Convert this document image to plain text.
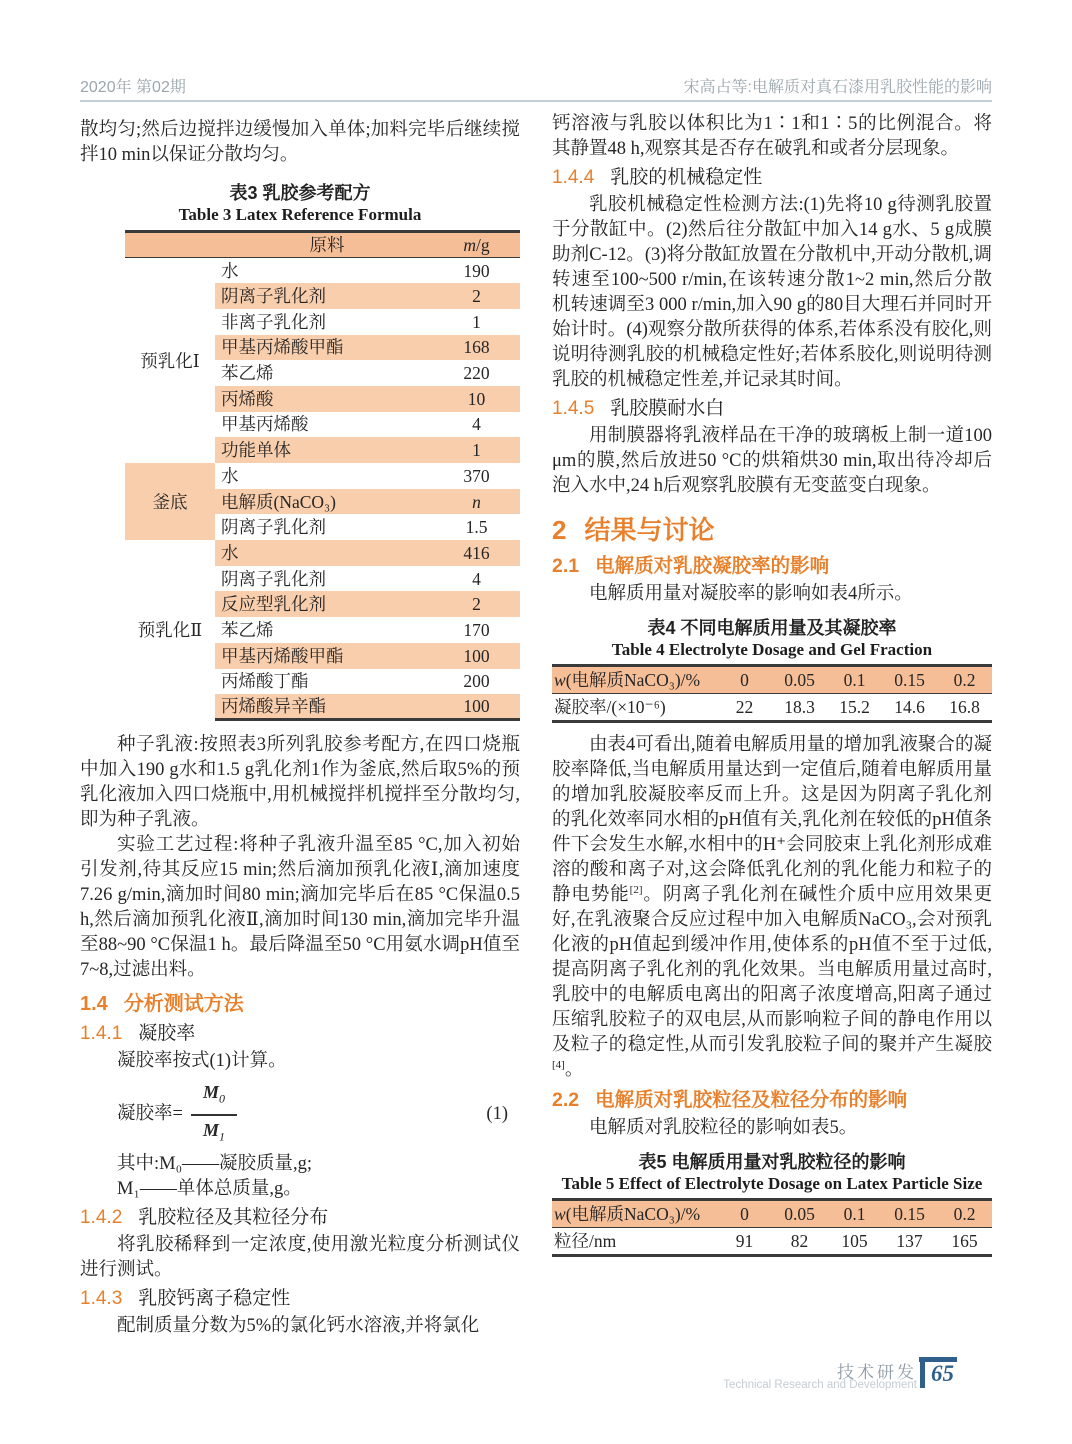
2020年 第02期	宋高占等:电解质对真石漆用乳胶性能的影响

散均匀;然后边搅拌边缓慢加入单体;加料完毕后继续搅拌10 min以保证分散均匀。

表3 乳胶参考配方
Table 3 Latex Reference Formula
	原料	m/g
预乳化Ⅰ	水	190
	阴离子乳化剂	2
	非离子乳化剂	1
	甲基丙烯酸甲酯	168
	苯乙烯	220
	丙烯酸	10
	甲基丙烯酸	4
	功能单体	1
釜底	水	370
	电解质(NaCO₃)	n
	阴离子乳化剂	1.5
预乳化Ⅱ	水	416
	阴离子乳化剂	4
	反应型乳化剂	2
	苯乙烯	170
	甲基丙烯酸甲酯	100
	丙烯酸丁酯	200
	丙烯酸异辛酯	100

种子乳液:按照表3所列乳胶参考配方,在四口烧瓶中加入190 g水和1.5 g乳化剂1作为釜底,然后取5%的预乳化液加入四口烧瓶中,用机械搅拌机搅拌至分散均匀,即为种子乳液。

实验工艺过程:将种子乳液升温至85 °C,加入初始引发剂,待其反应15 min;然后滴加预乳化液Ⅰ,滴加速度7.26 g/min,滴加时间80 min;滴加完毕后在85 °C保温0.5 h,然后滴加预乳化液Ⅱ,滴加时间130 min,滴加完毕升温至88~90 °C保温1 h。最后降温至50 °C用氨水调pH值至7~8,过滤出料。

1.4 分析测试方法
1.4.1 凝胶率

凝胶率按式(1)计算。

凝胶率= $\frac{M_0}{M_1}$	(1)

其中:M₀——凝胶质量,g;

M₁——单体总质量,g。

1.4.2 乳胶粒径及其粒径分布

将乳胶稀释到一定浓度,使用激光粒度分析测试仪进行测试。

1.4.3 乳胶钙离子稳定性

配制质量分数为5%的氯化钙水溶液,并将氯化

钙溶液与乳胶以体积比为1∶1和1∶5的比例混合。将其静置48 h,观察其是否存在破乳和或者分层现象。

1.4.4 乳胶的机械稳定性

乳胶机械稳定性检测方法:(1)先将10 g待测乳胶置于分散缸中。(2)然后往分散缸中加入14 g水、5 g成膜助剂C-12。(3)将分散缸放置在分散机中,开动分散机,调转速至100~500 r/min,在该转速分散1~2 min,然后分散机转速调至3 000 r/min,加入90 g的80目大理石并同时开始计时。(4)观察分散所获得的体系,若体系没有胶化,则说明待测乳胶的机械稳定性好;若体系胶化,则说明待测乳胶的机械稳定性差,并记录其时间。

1.4.5 乳胶膜耐水白

用制膜器将乳液样品在干净的玻璃板上制一道100 μm的膜,然后放进50 °C的烘箱烘30 min,取出待冷却后泡入水中,24 h后观察乳胶膜有无变蓝变白现象。

2 结果与讨论
2.1 电解质对乳胶凝胶率的影响

电解质用量对凝胶率的影响如表4所示。

表4 不同电解质用量及其凝胶率
Table 4 Electrolyte Dosage and Gel Fraction
w(电解质NaCO₃)/%	0	0.05	0.1	0.15	0.2
凝胶率/(×10⁻⁶)	22	18.3	15.2	14.6	16.8

由表4可看出,随着电解质用量的增加乳液聚合的凝胶率降低,当电解质用量达到一定值后,随着电解质用量的增加乳胶凝胶率反而上升。这是因为阴离子乳化剂的乳化效率同水相的pH值有关,乳化剂在较低的pH值条件下会发生水解,水相中的H⁺会同胶束上乳化剂形成难溶的酸和离子对,这会降低乳化剂的乳化能力和粒子的静电势能[2]。阴离子乳化剂在碱性介质中应用效果更好,在乳液聚合反应过程中加入电解质NaCO₃,会对预乳化液的pH值起到缓冲作用,使体系的pH值不至于过低,提高阴离子乳化剂的乳化效果。当电解质用量过高时,乳胶中的电解质电离出的阳离子浓度增高,阳离子通过压缩乳胶粒子的双电层,从而影响粒子间的静电作用以及粒子的稳定性,从而引发乳胶粒子间的聚并产生凝胶[4]。

2.2 电解质对乳胶粒径及粒径分布的影响

电解质对乳胶粒径的影响如表5。

表5 电解质用量对乳胶粒径的影响
Table 5 Effect of Electrolyte Dosage on Latex Particle Size
w(电解质NaCO₃)/%	0	0.05	0.1	0.15	0.2
粒径/nm	91	82	105	137	165
技术研发
Technical Research and Development 65
